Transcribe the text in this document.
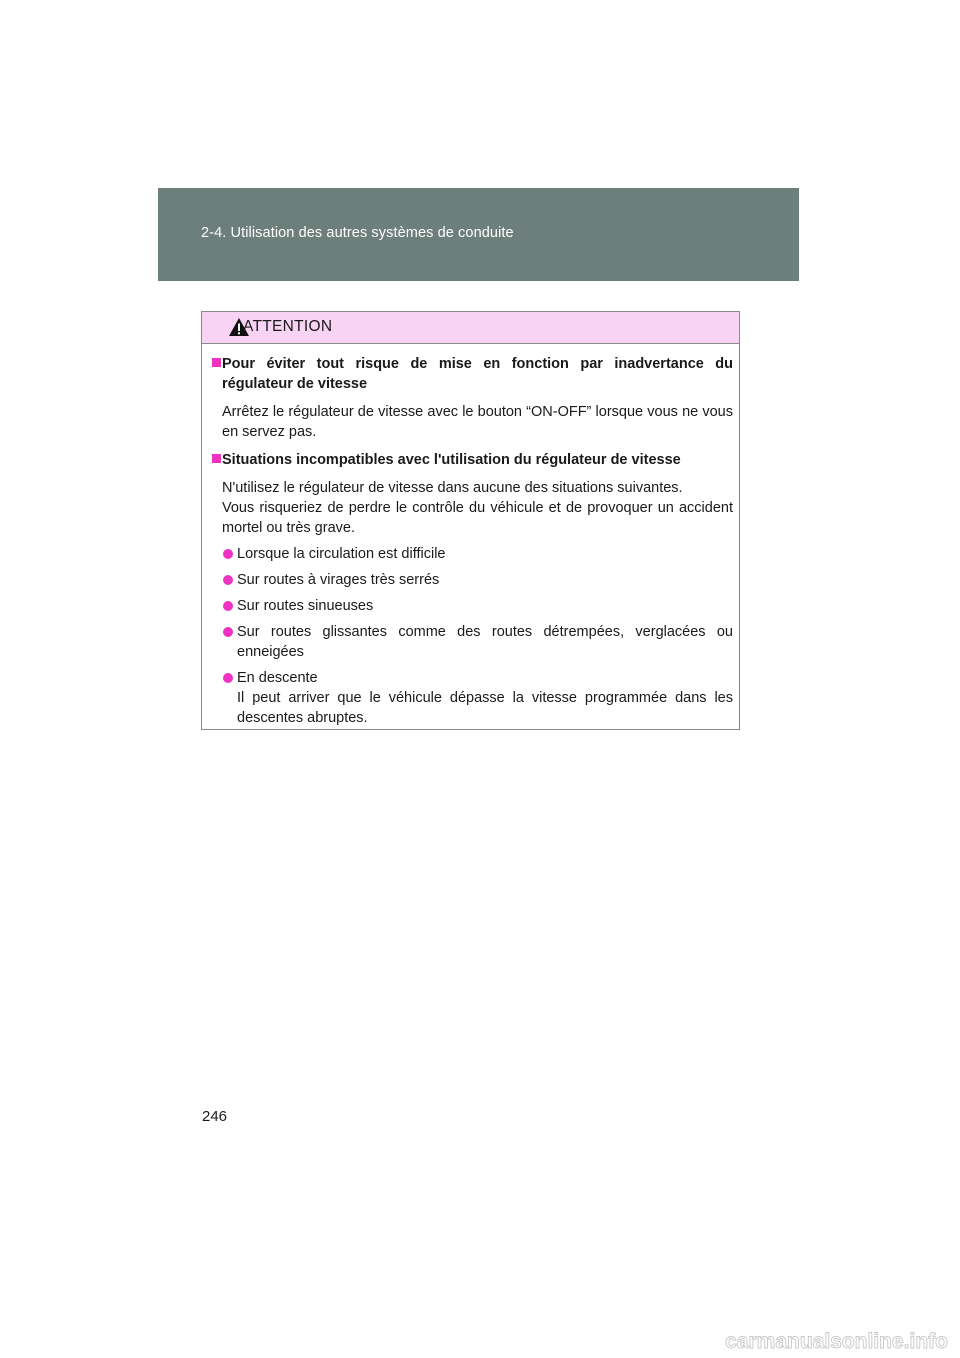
2-4. Utilisation des autres systèmes de conduite
ATTENTION

Pour éviter tout risque de mise en fonction par inadvertance du régulateur de vitesse

Arrêtez le régulateur de vitesse avec le bouton “ON-OFF” lorsque vous ne vous en servez pas.

Situations incompatibles avec l'utilisation du régulateur de vitesse

N'utilisez le régulateur de vitesse dans aucune des situations suivantes.

Vous risqueriez de perdre le contrôle du véhicule et de provoquer un accident mortel ou très grave.

Lorsque la circulation est difficile

Sur routes à virages très serrés

Sur routes sinueuses

Sur routes glissantes comme des routes détrempées, verglacées ou enneigées

En descente

Il peut arriver que le véhicule dépasse la vitesse programmée dans les descentes abruptes.

246
carmanualsonline.info
